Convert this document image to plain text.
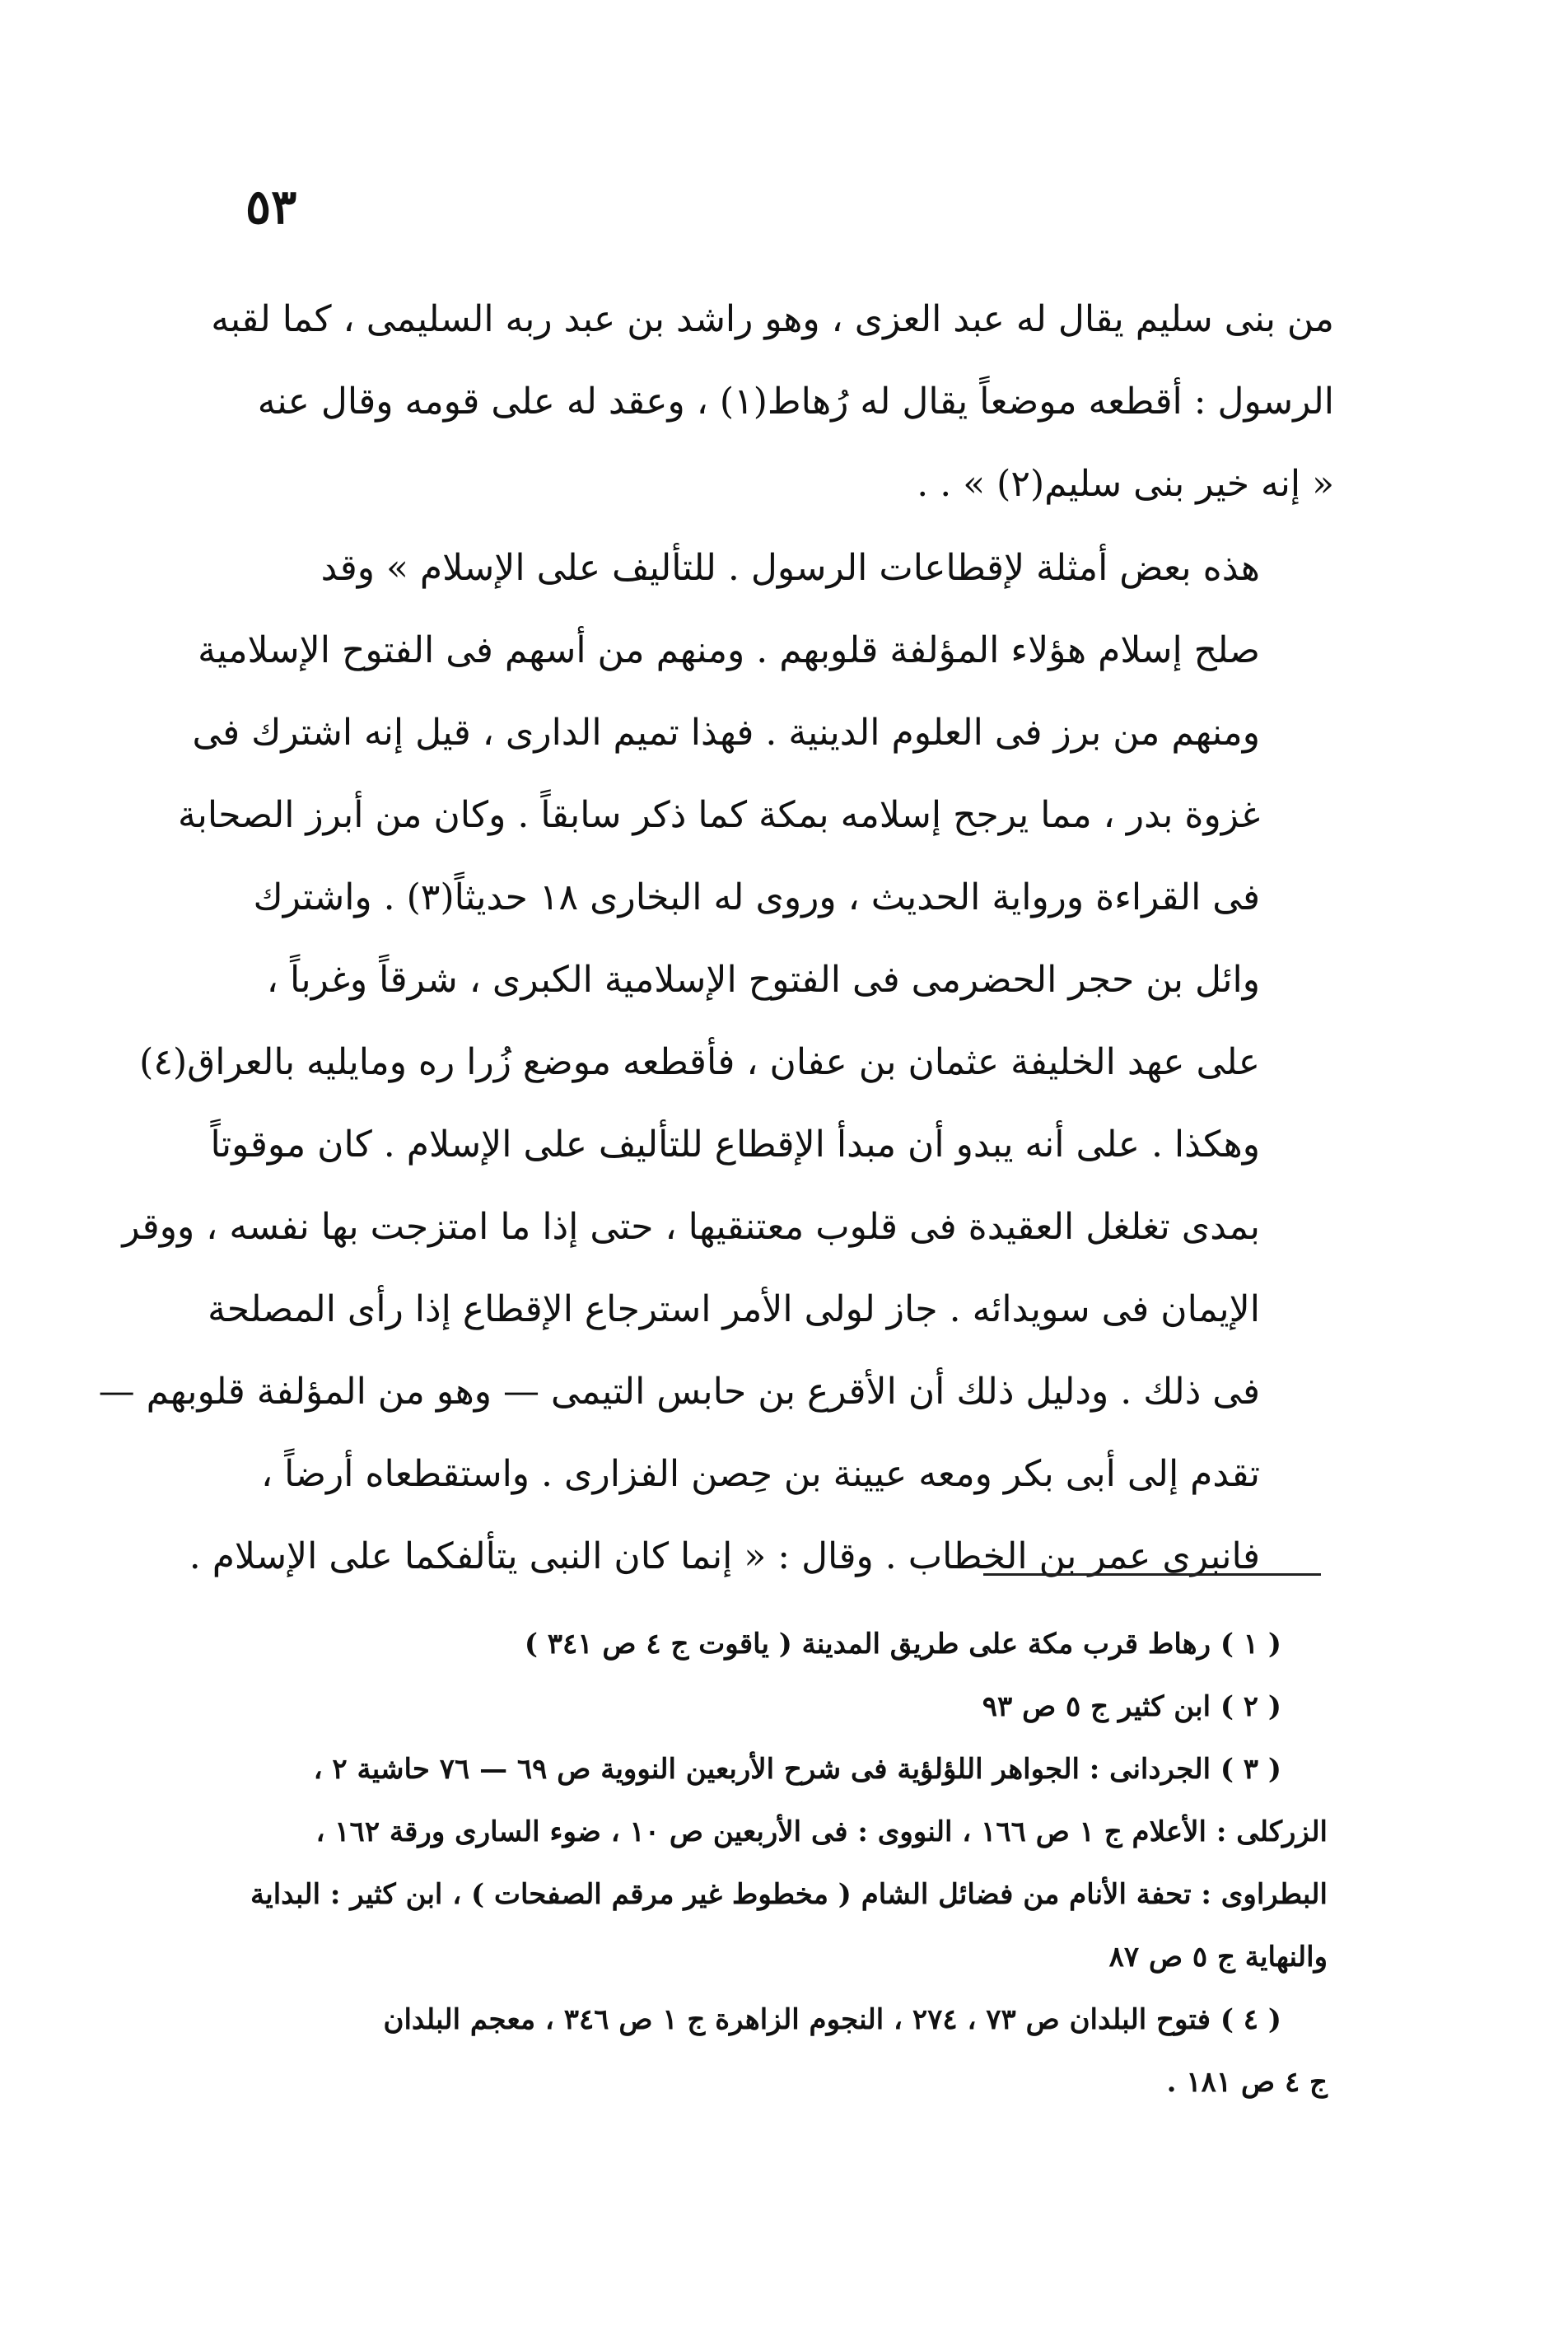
٥٣
من بنى سليم يقال له عبد العزى ، وهو راشد بن عبد ربه السليمى ، كما لقبه
الرسول : أقطعه موضعاً يقال له رُهاط(١) ، وعقد له على قومه وقال عنه
« إنه خير بنى سليم(٢) » . .
هذه بعض أمثلة لإقطاعات الرسول . للتأليف على الإسلام » وقد
صلح إسلام هؤلاء المؤلفة قلوبهم . ومنهم من أسهم فى الفتوح الإسلامية
ومنهم من برز فى العلوم الدينية . فهذا تميم الدارى ، قيل إنه اشترك فى
غزوة بدر ، مما يرجح إسلامه بمكة كما ذكر سابقاً . وكان من أبرز الصحابة
فى القراءة ورواية الحديث ، وروى له البخارى ١٨ حديثاً(٣) . واشترك
وائل بن حجر الحضرمى فى الفتوح الإسلامية الكبرى ، شرقاً وغرباً ،
على عهد الخليفة عثمان بن عفان ، فأقطعه موضع زُرا ره ومايليه بالعراق(٤)
وهكذا . على أنه يبدو أن مبدأ الإقطاع للتأليف على الإسلام . كان موقوتاً
بمدى تغلغل العقيدة فى قلوب معتنقيها ، حتى إذا ما امتزجت بها نفسه ، ووقر
الإيمان فى سويدائه . جاز لولى الأمر استرجاع الإقطاع إذا رأى المصلحة
فى ذلك . ودليل ذلك أن الأقرع بن حابس التيمى — وهو من المؤلفة قلوبهم —
تقدم إلى أبى بكر ومعه عيينة بن حِصن الفزارى . واستقطعاه أرضاً ،
فانبرى عمر بن الخطاب . وقال : « إنما كان النبى يتألفكما على الإسلام .
( ١ ) رهاط قرب مكة على طريق المدينة ( ياقوت ج ٤ ص ٣٤١ )
( ٢ ) ابن كثير ج ٥ ص ٩٣
( ٣ ) الجردانى : الجواهر اللؤلؤية فى شرح الأربعين النووية ص ٦٩ — ٧٦ حاشية ٢ ،
الزركلى : الأعلام ج ١ ص ١٦٦ ، النووى : فى الأربعين ص ١٠ ، ضوء السارى ورقة ١٦٢ ،
البطراوى : تحفة الأنام من فضائل الشام ( مخطوط غير مرقم الصفحات ) ، ابن كثير : البداية
والنهاية ج ٥ ص ٨٧
( ٤ ) فتوح البلدان ص ٧٣ ، ٢٧٤ ، النجوم الزاهرة ج ١ ص ٣٤٦ ، معجم البلدان
ج ٤ ص ١٨١ .
